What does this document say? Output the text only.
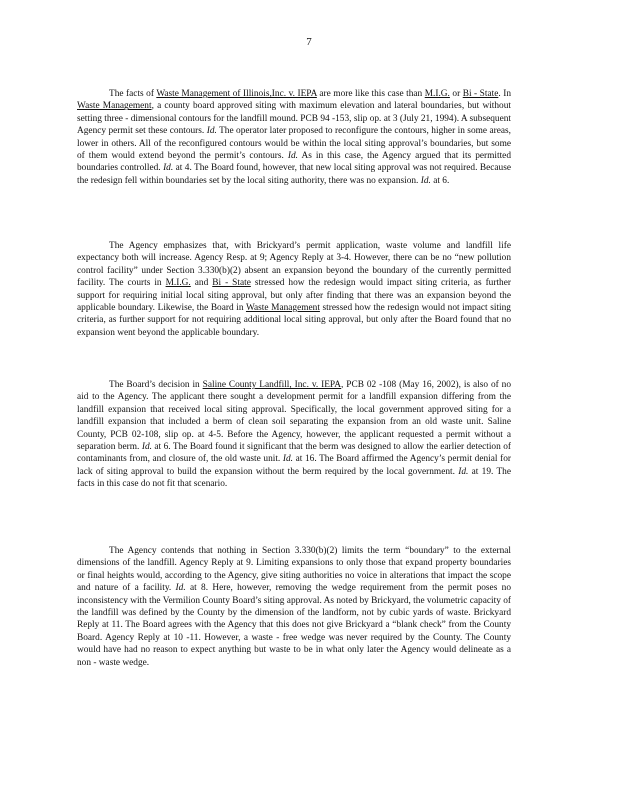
7
The facts of Waste Management of Illinois,Inc. v. IEPA are more like this case than M.I.G. or Bi - State. In Waste Management, a county board approved siting with maximum elevation and lateral boundaries, but without setting three - dimensional contours for the landfill mound. PCB 94 -153, slip op. at 3 (July 21, 1994). A subsequent Agency permit set these contours. Id. The operator later proposed to reconfigure the contours, higher in some areas, lower in others. All of the reconfigured contours would be within the local siting approval’s boundaries, but some of them would extend beyond the permit’s contours. Id. As in this case, the Agency argued that its permitted boundaries controlled. Id. at 4. The Board found, however, that new local siting approval was not required. Because the redesign fell within boundaries set by the local siting authority, there was no expansion. Id. at 6.
The Agency emphasizes that, with Brickyard’s permit application, waste volume and landfill life expectancy both will increase. Agency Resp. at 9; Agency Reply at 3-4. However, there can be no “new pollution control facility” under Section 3.330(b)(2) absent an expansion beyond the boundary of the currently permitted facility. The courts in M.I.G. and Bi - State stressed how the redesign would impact siting criteria, as further support for requiring initial local siting approval, but only after finding that there was an expansion beyond the applicable boundary. Likewise, the Board in Waste Management stressed how the redesign would not impact siting criteria, as further support for not requiring additional local siting approval, but only after the Board found that no expansion went beyond the applicable boundary.
The Board’s decision in Saline County Landfill, Inc. v. IEPA, PCB 02 -108 (May 16, 2002), is also of no aid to the Agency. The applicant there sought a development permit for a landfill expansion differing from the landfill expansion that received local siting approval. Specifically, the local government approved siting for a landfill expansion that included a berm of clean soil separating the expansion from an old waste unit. Saline County, PCB 02-108, slip op. at 4-5. Before the Agency, however, the applicant requested a permit without a separation berm. Id. at 6. The Board found it significant that the berm was designed to allow the earlier detection of contaminants from, and closure of, the old waste unit. Id. at 16. The Board affirmed the Agency’s permit denial for lack of siting approval to build the expansion without the berm required by the local government. Id. at 19. The facts in this case do not fit that scenario.
The Agency contends that nothing in Section 3.330(b)(2) limits the term “boundary” to the external dimensions of the landfill. Agency Reply at 9. Limiting expansions to only those that expand property boundaries or final heights would, according to the Agency, give siting authorities no voice in alterations that impact the scope and nature of a facility. Id. at 8. Here, however, removing the wedge requirement from the permit poses no inconsistency with the Vermilion County Board’s siting approval. As noted by Brickyard, the volumetric capacity of the landfill was defined by the County by the dimension of the landform, not by cubic yards of waste. Brickyard Reply at 11. The Board agrees with the Agency that this does not give Brickyard a “blank check” from the County Board. Agency Reply at 10 -11. However, a waste - free wedge was never required by the County. The County would have had no reason to expect anything but waste to be in what only later the Agency would delineate as a non - waste wedge.
